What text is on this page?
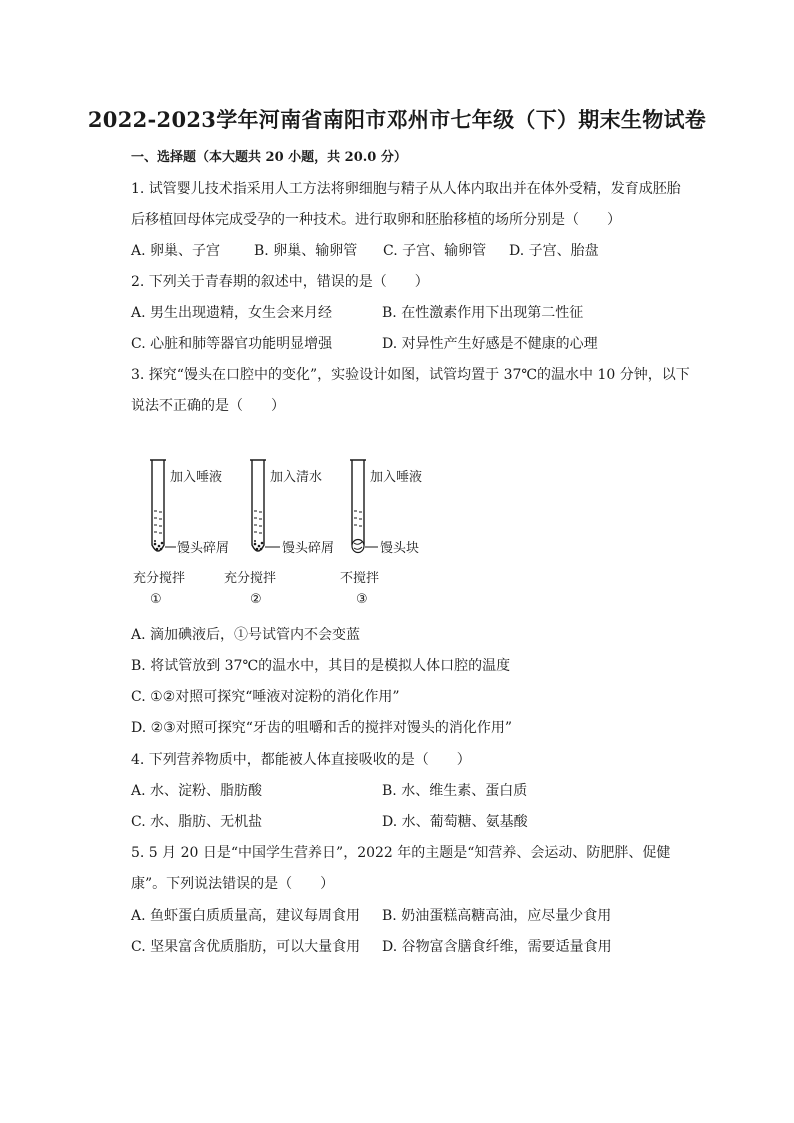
2022-2023学年河南省南阳市邓州市七年级（下）期末生物试卷
一、选择题（本大题共 20 小题，共 20.0 分）
1. 试管婴儿技术指采用人工方法将卵细胞与精子从人体内取出并在体外受精，发育成胚胎
后移植回母体完成受孕的一种技术。进行取卵和胚胎移植的场所分别是（　　）
A. 卵巢、子宫 B. 卵巢、输卵管 C. 子宫、输卵管 D. 子宫、胎盘
2. 下列关于青春期的叙述中，错误的是（　　）
A. 男生出现遗精，女生会来月经	B. 在性激素作用下出现第二性征
C. 心脏和肺等器官功能明显增强	D. 对异性产生好感是不健康的心理
3. 探究“馒头在口腔中的变化”，实验设计如图，试管均置于 37℃的温水中 10 分钟，以下
说法不正确的是（　　）
加入唾液
馒头碎屑
充分搅拌
①
加入清水
馒头碎屑
充分搅拌
②
加入唾液
馒头块
不搅拌
③
A. 滴加碘液后，①号试管内不会变蓝
B. 将试管放到 37℃的温水中，其目的是模拟人体口腔的温度
C. ①②对照可探究“唾液对淀粉的消化作用”
D. ②③对照可探究“牙齿的咀嚼和舌的搅拌对馒头的消化作用”
4. 下列营养物质中，都能被人体直接吸收的是（　　）
A. 水、淀粉、脂肪酸	B. 水、维生素、蛋白质
C. 水、脂肪、无机盐	D. 水、葡萄糖、氨基酸
5. 5 月 20 日是“中国学生营养日”，2022 年的主题是“知营养、会运动、防肥胖、促健
康”。下列说法错误的是（　　）
A. 鱼虾蛋白质质量高，建议每周食用 B. 奶油蛋糕高糖高油，应尽量少食用
C. 坚果富含优质脂肪，可以大量食用 D. 谷物富含膳食纤维，需要适量食用
